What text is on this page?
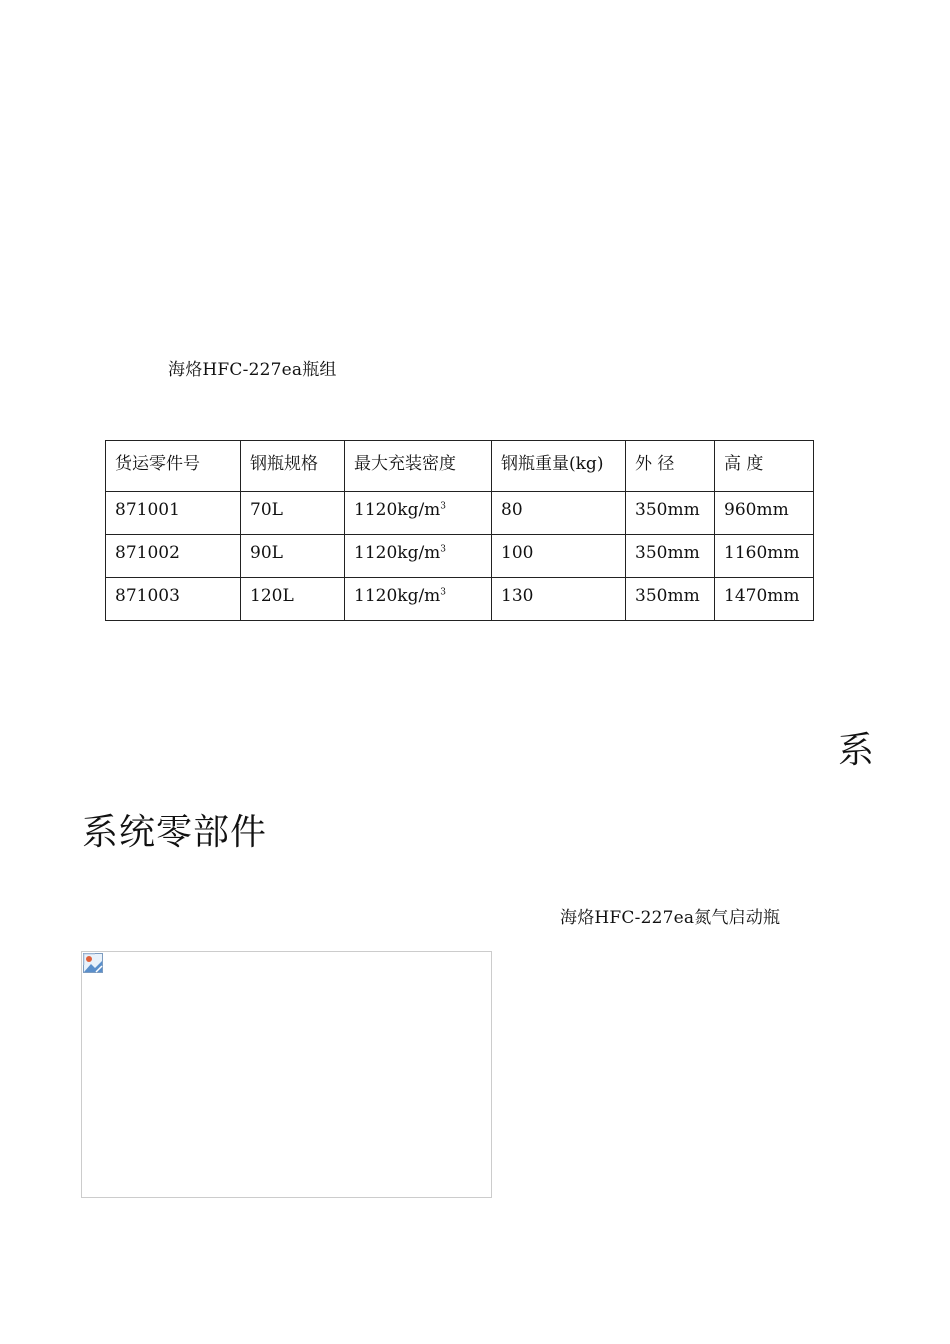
海烙HFC-227ea瓶组
货运零件号	钢瓶规格	最大充装密度	钢瓶重量(kg)	外 径	高 度
871001	70L	$1120kg/m^3$	80	350mm	960mm
871002	90L	$1120kg/m^3$	100	350mm	1160mm
871003	120L	$1120kg/m^3$	130	350mm	1470mm
系
系统零部件
海烙HFC-227ea氮气启动瓶
